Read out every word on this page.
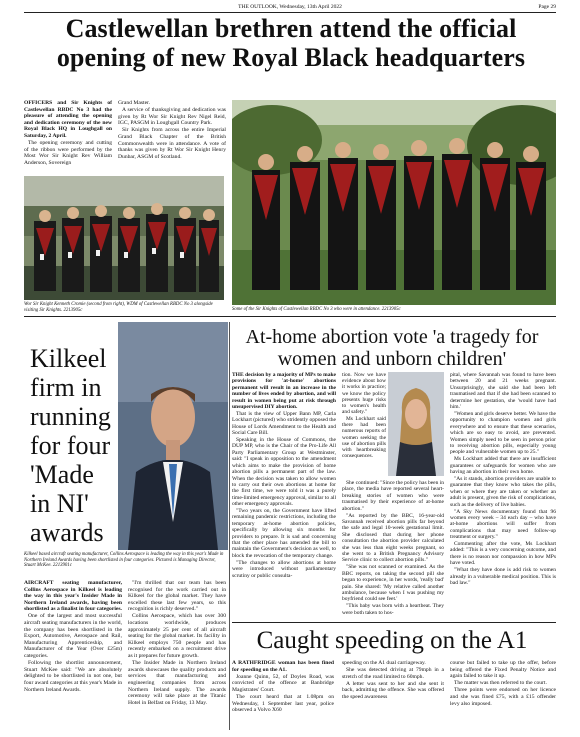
THE OUTLOOK, Wednesday, 13th April 2022	Page 29
Castlewellan brethren attend the official opening of new Royal Black headquarters

OFFICERS and Sir Knights of Castlewellan RBDC No 3 had the pleasure of attending the opening and dedication ceremony of the new Royal Black HQ in Loughgall on Saturday, 2 April.

The opening ceremony and cutting of the ribbon were performed by the Most Wor Sir Knight Rev William Anderson, Sovereign

Grand Master.

A service of thanksgiving and dedication was given by Rt Wor Sir Knight Rev Nigel Reid, IGC, PASGM in Loughgall Country Park.

Sir Knights from across the entire Imperial Grand Black Chapter of the British Commonwealth were in attendance. A vote of thanks was given by Rt Wor Sir Knight Henry Dunbar, ASGM of Scotland.

Wor Sir Knight Kenneth Cromie (second from right), WDM of Castlewellan RBDC No 3 alongside visiting Sir Knights. 2213905c	Some of the Sir Knights of Castlewellan RBDC No 3 who were in attendance. 2213905c
Kilkeel
firm in
running
for four
'Made
in NI'
awards
Kilkeel based aircraft seating manufacturer, Collins Aerospace is leading the way in this year's Made in Northern Ireland Awards having been shortlisted in four categories. Pictured is Managing Director, Stuart McKee. 2213901c

AIRCRAFT seating manufacturer, Collins Aerospace in Kilkeel is leading the way in this year's Insider Made in Northern Ireland awards, having been shortlisted as a finalist in four categories.

One of the largest and most successful aircraft seating manufacturers in the world, the company has been shortlisted in the Export, Automotive, Aerospace and Rail, Manufacturing Apprenticeship, and Manufacturer of the Year (Over £25m) categories.

Following the shortlist announcement, Stuart McKee said: "We are absolutely delighted to be shortlisted in not one, but four award categories at this year's Made in Northern Ireland Awards.

"I'm thrilled that our team has been recognised for the work carried out in Kilkeel for the global market. They have excelled these last few years, so this recognition is richly deserved."

Collins Aerospace, which has over 300 locations worldwide, produces approximately 25 per cent of all aircraft seating for the global market. Its facility in Kilkeel employs 750 people and has recently embarked on a recruitment drive as it prepares for future growth.

The Insider Made in Northern Ireland awards showcases the quality products and services that manufacturing and engineering companies from across Northern Ireland supply. The awards ceremony will take place at the Titanic Hotel in Belfast on Friday, 13 May.

At-home abortion vote 'a tragedy for women and unborn children'

THE decision by a majority of MPs to make provisions for 'at-home' abortions permanent will result in an increase in the number of lives ended by abortion, and will result in women being put at risk through unsupervised DIY abortion.

That is the view of Upper Bann MP, Carla Lockhart (pictured) who stridently opposed the House of Lords Amendment to the Health and Social Care Bill.

Speaking in the House of Commons, the DUP MP, who is the Chair of the Pro-Life All Party Parliamentary Group at Westminster, said: "I speak in opposition to the amendment which aims to make the provision of home abortion pills a permanent part of the law. When the decision was taken to allow women to carry out their own abortions at home for the first time, we were told it was a purely time-limited emergency approval, similar to all other emergency approvals.

"Two years on, the Government have lifted remaining pandemic restrictions, including the temporary at-home abortion policies, specifically by allowing six months for providers to prepare. It is sad and concerning that the other place has amended the bill to maintain the Government's decision as well, to block the revocation of the temporary change.

"The changes to allow abortions at home were introduced without parliamentary scrutiny or public consulta-

tion. Now we have evidence about how it works in practice; we know the policy presents huge risks to women's health and safety."

Ms Lockhart said there had been numerous reports of women seeking the use of abortion pills with heartbreaking consequences.

She continued: "Since the policy has been in place, the media have reported several heart-breaking stories of women who were traumatised by their experience of at-home abortion."

"As reported by the BBC, 16-year-old Savannah received abortion pills far beyond the safe and legal 10-week gestational limit. She disclosed that during her phone consultation the abortion provider calculated she was less than eight weeks pregnant, so she went to a British Pregnancy Advisory Service clinic to collect abortion pills."

"She was not scanned or examined. As the BBC reports, on taking the second pill she began to experience, in her words, 'really bad' pain. She shared: 'My relative called another ambulance, because when I was pushing my boyfriend could see feet.'

"This baby was born with a heartbeat. They were both taken to hos-

pital, where Savannah was found to have been between 20 and 21 weeks pregnant. Unsurprisingly, she said she had been left traumatised and that if she had been scanned to determine her gestation, she 'would have had him.'

"Women and girls deserve better. We have the opportunity to champion women and girls everywhere and to ensure that these scenarios, which are so easy to avoid, are prevented. Women simply need to be seen in person prior to receiving abortion pills, especially young people and vulnerable women up to 25."

Ms Lockhart added that there are insufficient guarantees or safeguards for women who are having an abortion in their own home.

"As it stands, abortion providers are unable to guarantee that they know who takes the pills, when or where they are taken or whether an adult is present, given the risk of complications, such as the delivery of live babies.

"A Sky News documentary found that 96 women every week – 34 each day – who have at-home abortions will suffer from complications that may need follow-up treatment or surgery."

Commenting after the vote, Ms Lockhart added: "This is a very concerning outcome, and there is no reason nor compassion in how MPs have voted.

"What they have done is add risk to women already in a vulnerable medical position. This is bad law."

Caught speeding on the A1

A RATHFRIDGE woman has been fined for speeding on the A1.

Joanne Quinn, 52, of Doyles Road, was convicted of the offence at Banbridge Magistrates' Court.

The court heard that at 1.08pm on Wednesday, 1 September last year, police observed a Volvo X60

speeding on the A1 dual carriageway.

She was detected driving at 79mph in a stretch of the road limited to 60mph.

A letter was sent to her and she sent it back, admitting the offence. She was offered the speed awareness

course but failed to take up the offer, before being offered the Fixed Penalty Notice and again failed to take it up.

The matter was then referred to the court.

Three points were endorsed on her licence and she was fined £75, with a £15 offender levy also imposed.
